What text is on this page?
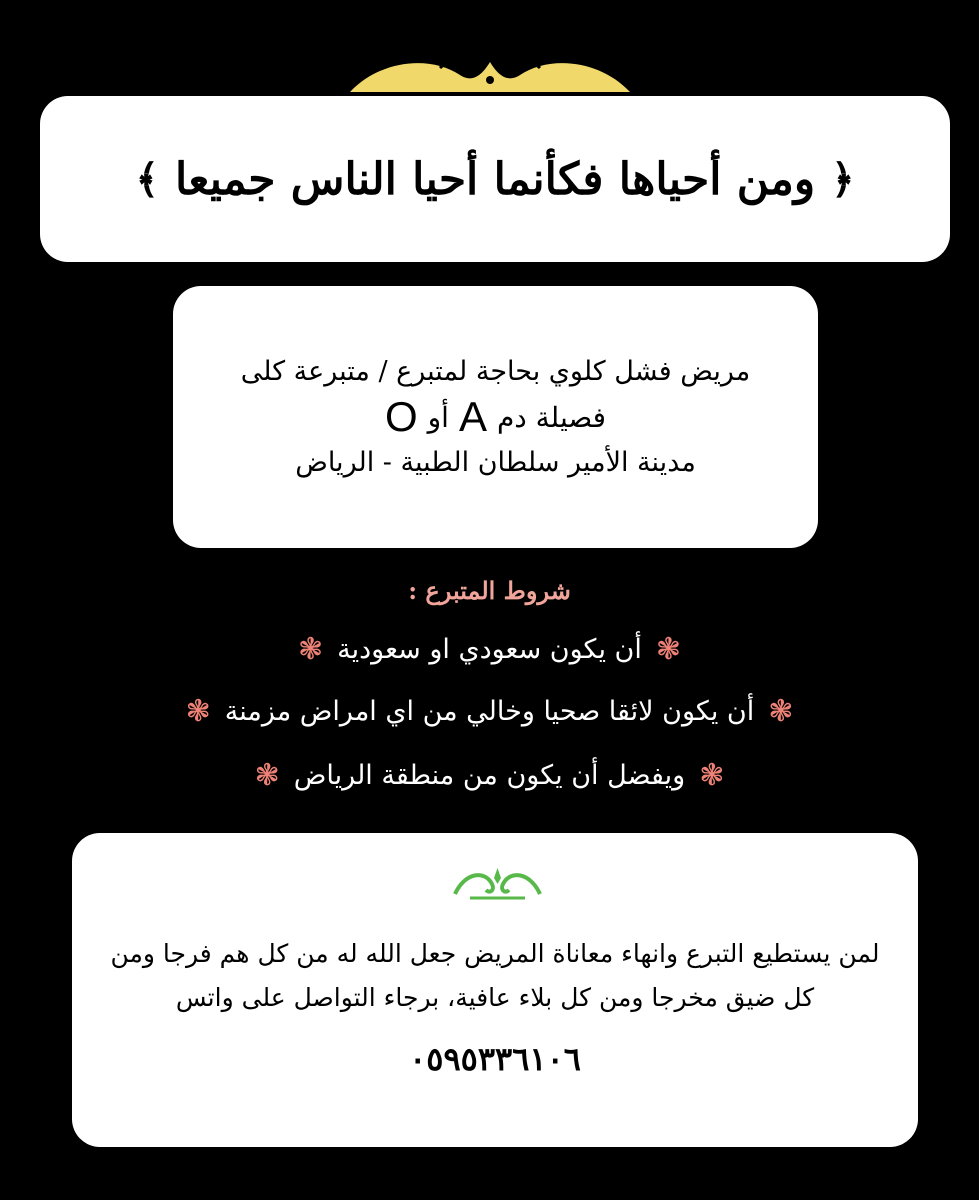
﴿
ومن أحياها فكأنما أحيا الناس جميعا
﴾
مريض فشل كلوي بحاجة لمتبرع / متبرعة كلى
فصيلة دم
A
أو
O
مدينة الأمير سلطان الطبية - الرياض
شروط المتبرع :
❃
أن يكون سعودي او سعودية
❃
❃
أن يكون لائقا صحيا وخالي من اي امراض مزمنة
❃
❃
ويفضل أن يكون من منطقة الرياض
❃
لمن يستطيع التبرع وانهاء معاناة المريض جعل الله له من كل هم فرجا ومن كل ضيق مخرجا ومن كل بلاء عافية، برجاء التواصل على واتس
٠٥٩٥٣٣٦١٠٦
